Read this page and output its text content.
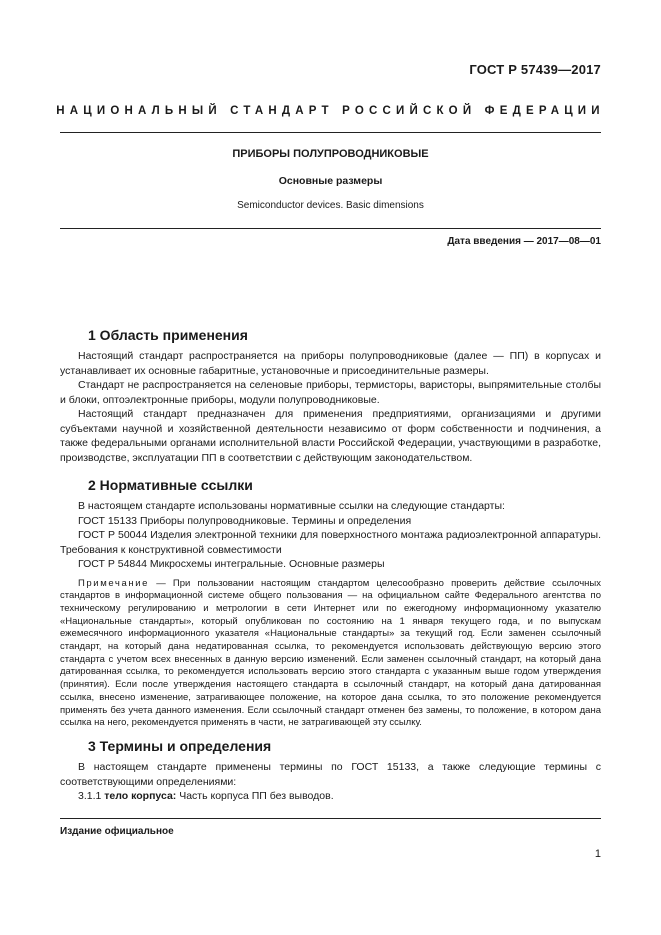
ГОСТ Р 57439—2017
НАЦИОНАЛЬНЫЙ СТАНДАРТ РОССИЙСКОЙ ФЕДЕРАЦИИ
ПРИБОРЫ ПОЛУПРОВОДНИКОВЫЕ
Основные размеры
Semiconductor devices. Basic dimensions
Дата введения — 2017—08—01
1 Область применения

Настоящий стандарт распространяется на приборы полупроводниковые (далее — ПП) в корпусах и устанавливает их основные габаритные, установочные и присоединительные размеры.

Стандарт не распространяется на селеновые приборы, термисторы, варисторы, выпрямительные столбы и блоки, оптоэлектронные приборы, модули полупроводниковые.

Настоящий стандарт предназначен для применения предприятиями, организациями и другими субъектами научной и хозяйственной деятельности независимо от форм собственности и подчинения, а также федеральными органами исполнительной власти Российской Федерации, участвующими в разработке, производстве, эксплуатации ПП в соответствии с действующим законодательством.

2 Нормативные ссылки

В настоящем стандарте использованы нормативные ссылки на следующие стандарты:

ГОСТ 15133 Приборы полупроводниковые. Термины и определения

ГОСТ Р 50044 Изделия электронной техники для поверхностного монтажа радиоэлектронной аппаратуры. Требования к конструктивной совместимости

ГОСТ Р 54844 Микросхемы интегральные. Основные размеры

Примечание — При пользовании настоящим стандартом целесообразно проверить действие ссылочных стандартов в информационной системе общего пользования — на официальном сайте Федерального агентства по техническому регулированию и метрологии в сети Интернет или по ежегодному информационному указателю «Национальные стандарты», который опубликован по состоянию на 1 января текущего года, и по выпускам ежемесячного информационного указателя «Национальные стандарты» за текущий год. Если заменен ссылочный стандарт, на который дана недатированная ссылка, то рекомендуется использовать действующую версию этого стандарта с учетом всех внесенных в данную версию изменений. Если заменен ссылочный стандарт, на который дана датированная ссылка, то рекомендуется использовать версию этого стандарта с указанным выше годом утверждения (принятия). Если после утверждения настоящего стандарта в ссылочный стандарт, на который дана датированная ссылка, внесено изменение, затрагивающее положение, на которое дана ссылка, то это положение рекомендуется применять без учета данного изменения. Если ссылочный стандарт отменен без замены, то положение, в котором дана ссылка на него, рекомендуется применять в части, не затрагивающей эту ссылку.

3 Термины и определения

В настоящем стандарте применены термины по ГОСТ 15133, а также следующие термины с соответствующими определениями:

3.1.1 тело корпуса: Часть корпуса ПП без выводов.

Издание официальное
1
